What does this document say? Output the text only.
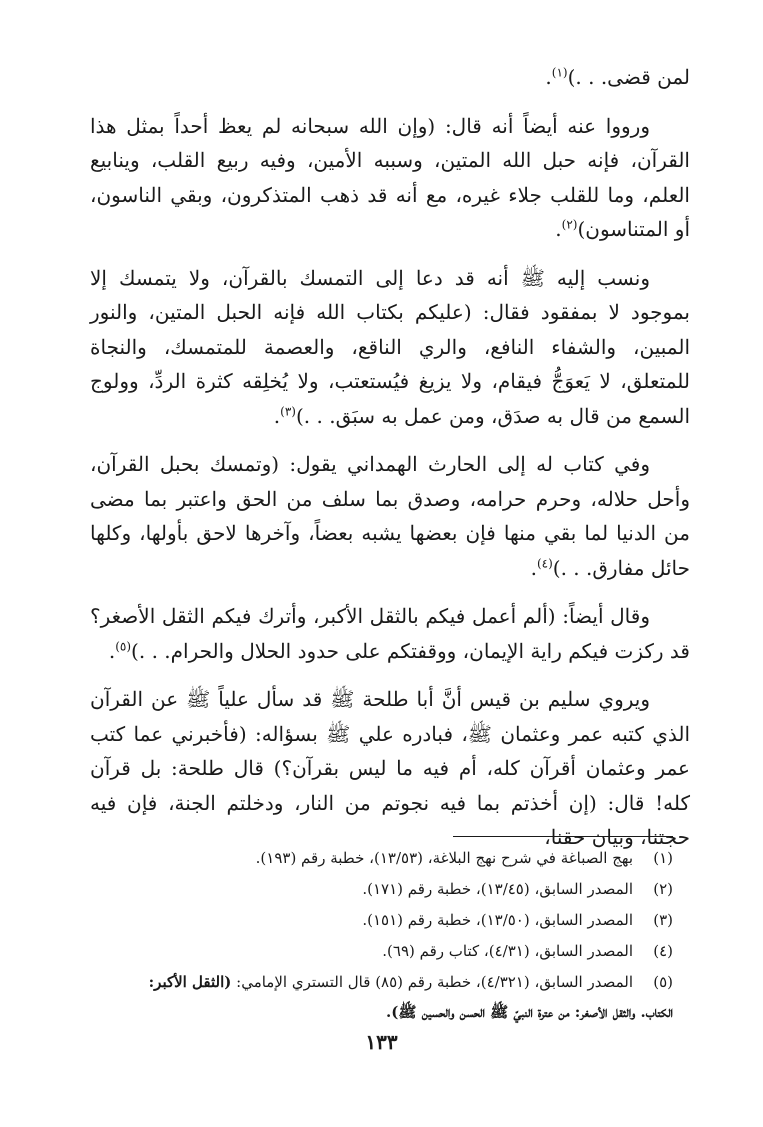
لمن قضى. . .)$^{(١)}$.

ورووا عنه أيضاً أنه قال: (وإن الله سبحانه لم يعظ أحداً بمثل هذا القرآن، فإنه حبل الله المتين، وسببه الأمين، وفيه ربيع القلب، وينابيع العلم، وما للقلب جلاء غيره، مع أنه قد ذهب المتذكرون، وبقي الناسون، أو المتناسون)$^{(٢)}$.

ونسب إليه ﷺ أنه قد دعا إلى التمسك بالقرآن، ولا يتمسك إلا بموجود لا بمفقود فقال: (عليكم بكتاب الله فإنه الحبل المتين، والنور المبين، والشفاء النافع، والري الناقع، والعصمة للمتمسك، والنجاة للمتعلق، لا يَعوَجُّ فيقام، ولا يزيغ فيُستعتب، ولا يُخلِقه كثرة الردِّ، وولوج السمع من قال به صدَق، ومن عمل به سبَق. . .)$^{(٣)}$.

وفي كتاب له إلى الحارث الهمداني يقول: (وتمسك بحبل القرآن، وأحل حلاله، وحرم حرامه، وصدق بما سلف من الحق واعتبر بما مضى من الدنيا لما بقي منها فإن بعضها يشبه بعضاً، وآخرها لاحق بأولها، وكلها حائل مفارق. . .)$^{(٤)}$.

وقال أيضاً: (ألم أعمل فيكم بالثقل الأكبر، وأترك فيكم الثقل الأصغر؟ قد ركزت فيكم راية الإيمان، ووقفتكم على حدود الحلال والحرام. . .)$^{(٥)}$.

ويروي سليم بن قيس أنَّ أبا طلحة ﷺ قد سأل علياً ﷺ عن القرآن الذي كتبه عمر وعثمان ﷺ، فبادره علي ﷺ بسؤاله: (فأخبرني عما كتب عمر وعثمان أقرآن كله، أم فيه ما ليس بقرآن؟) قال طلحة: بل قرآن كله! قال: (إن أخذتم بما فيه نجوتم من النار، ودخلتم الجنة، فإن فيه حجتنا، وبيان حقنا،

(١)
بهج الصباغة في شرح نهج البلاغة، (١٣/٥٣)، خطبة رقم (١٩٣).
(٢)
المصدر السابق، (١٣/٤٥)، خطبة رقم (١٧١).
(٣)
المصدر السابق، (١٣/٥٠)، خطبة رقم (١٥١).
(٤)
المصدر السابق، (٤/٣١)، كتاب رقم (٦٩).
(٥)
المصدر السابق، (٤/٣٢١)، خطبة رقم (٨٥) قال التستري الإمامي: (الثقل الأكبر:
الكتاب. والثقل الأصغر: من عترة النبيّ ﷺ الحسن والحسين ﷺ).
١٣٣
